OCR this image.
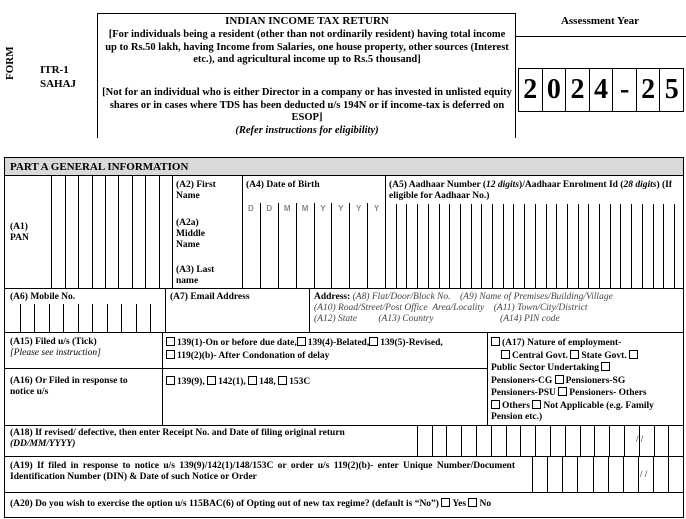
FORM ITR-1
SAHAJ
INDIAN INCOME TAX RETURN
[For individuals being a resident (other than not ordinarily resident) having total income up to Rs.50 lakh, having Income from Salaries, one house property, other sources (Interest etc.), and agricultural income up to Rs.5 thousand]
[Not for an individual who is either Director in a company or has invested in unlisted equity shares or in cases where TDS has been deducted u/s 194N or if income-tax is deferred on ESOP]
(Refer instructions for eligibility)
Assessment Year
2 0 2 4 - 2 5
PART A GENERAL INFORMATION
(A1)
PAN
(A2) First
Name
(A2a)
Middle
Name
(A3) Last
name
(A4) Date of Birth
D	D	M	M	Y	Y	Y	Y
(A5) Aadhaar Number (12 digits)/Aadhaar Enrolment Id (28 digits) (If eligible for Aadhaar No.)
(A6) Mobile No.	(A7) Email Address	Address: (A8) Flat/Door/Block No. (A9) Name of Premises/Building/Village
(A10) Road/Street/Post Office Area/Locality (A11) Town/City/District
(A12) State (A13) Country	(A14) PIN code
(A15) Filed u/s (Tick)
[Please see instruction]
139(1)-On or before due date, 139(4)-Belated, 139(5)-Revised,
119(2)(b)- After Condonation of delay
(A17) Nature of employment-
Central Govt. State Govt.
Public Sector Undertaking
Pensioners-CG Pensioners-SG
Pensioners-PSU Pensioners- Others
Others Not Applicable (e.g. Family Pension etc.)
(A16) Or Filed in response to
notice u/s
139(9), 142(1), 148, 153C
(A18) If revised/ defective, then enter Receipt No. and Date of filing original return
(DD/MM/YYYY)	/ /
(A19) If filed in response to notice u/s 139(9)/142(1)/148/153C or order u/s 119(2)(b)- enter Unique Number/Document Identification Number (DIN) & Date of such Notice or Order	/ /
(A20) Do you wish to exercise the option u/s 115BAC(6) of Opting out of new tax regime? (default is “No”) Yes No
